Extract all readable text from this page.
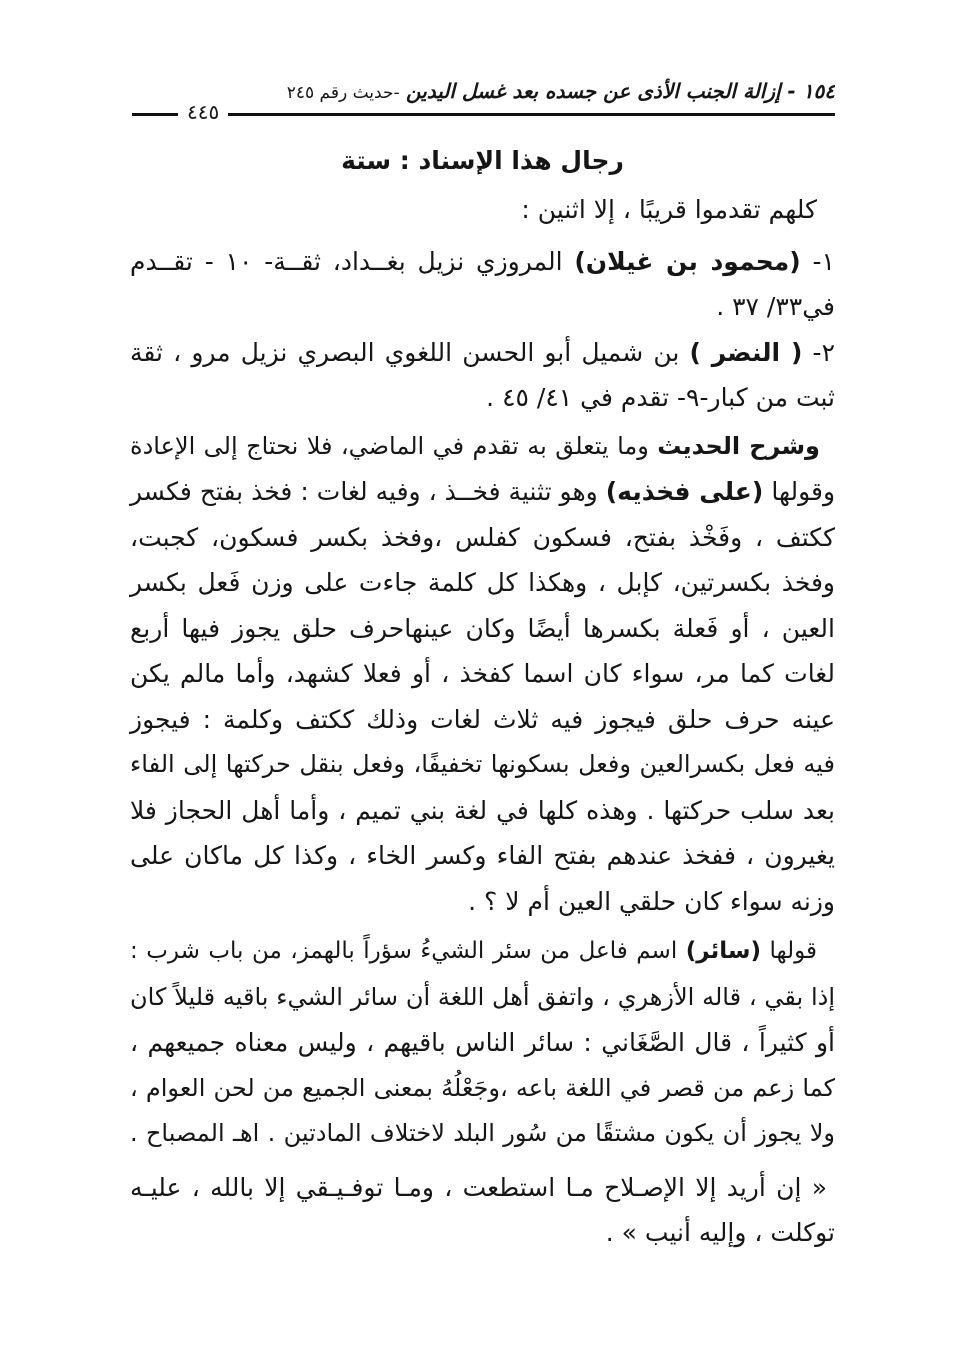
١٥٤ - إزالة الجنب الأذى عن جسده بعد غسل اليدين -حديث رقم ٢٤٥
٤٤٥
رجال هذا الإسناد : ستة
كلهم تقدموا قريبًا ، إلا اثنين :
١- (محمود بن غيلان) المروزي نزيل بغــداد، ثقــة- ١٠ - تقــدم
في٣٣/ ٣٧ .
٢- ( النضر ) بن شميل أبو الحسن اللغوي البصري نزيل مرو ، ثقة
ثبت من كبار-٩- تقدم في ٤١/ ٤٥ .
وشرح الحديث وما يتعلق به تقدم في الماضي، فلا نحتاج إلى الإعادة
وقولها (على فخذيه) وهو تثنية فخــذ ، وفيه لغات : فخذ بفتح فكسر
ككتف ، وفَخْذ بفتح، فسكون كفلس ،وفخذ بكسر فسكون، كجبت،
وفخذ بكسرتين، كإبل ، وهكذا كل كلمة جاءت على وزن فَعل بكسر
العين ، أو فَعلة بكسرها أيضًا وكان عينهاحرف حلق يجوز فيها أربع
لغات كما مر، سواء كان اسما كفخذ ، أو فعلا كشهد، وأما مالم يكن
عينه حرف حلق فيجوز فيه ثلاث لغات وذلك ككتف وكلمة : فيجوز
فيه فعل بكسرالعين وفعل بسكونها تخفيفًا، وفعل بنقل حركتها إلى الفاء
بعد سلب حركتها . وهذه كلها في لغة بني تميم ، وأما أهل الحجاز فلا
يغيرون ، ففخذ عندهم بفتح الفاء وكسر الخاء ، وكذا كل ماكان على
وزنه سواء كان حلقي العين أم لا ؟ .
قولها (سائر) اسم فاعل من سئر الشيءُ سؤراً بالهمز، من باب شرب :
إذا بقي ، قاله الأزهري ، واتفق أهل اللغة أن سائر الشيء باقيه قليلاً كان
أو كثيراً ، قال الصَّغَاني : سائر الناس باقيهم ، وليس معناه جميعهم ،
كما زعم من قصر في اللغة باعه ،وجَعْلُهُ بمعنى الجميع من لحن العوام ،
ولا يجوز أن يكون مشتقًا من سُور البلد لاختلاف المادتين . اهـ المصباح .
« إن أريد إلا الإصـلاح مـا استطعت ، ومـا توفـيـقي إلا بالله ، عليـه
توكلت ، وإليه أنيب » .
